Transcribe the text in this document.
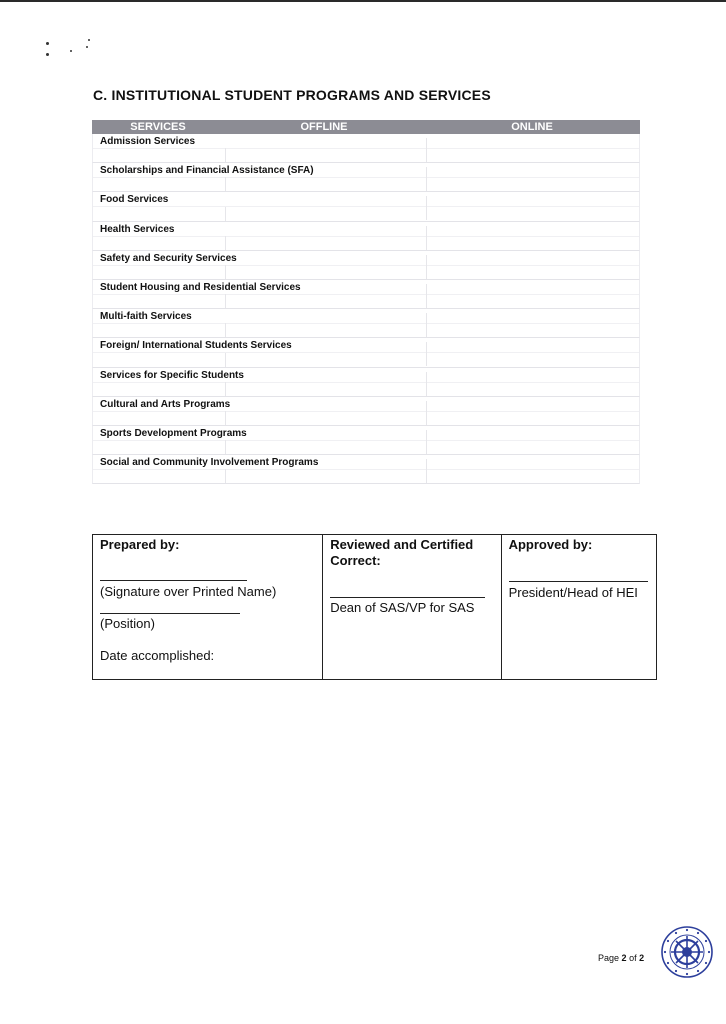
C. INSTITUTIONAL STUDENT PROGRAMS AND SERVICES
SERVICES	OFFLINE	ONLINE
Admission Services
Scholarships and Financial Assistance (SFA)
Food Services
Health Services
Safety and Security Services
Student Housing and Residential Services
Multi-faith Services
Foreign/ International Students Services
Services for Specific Students
Cultural and Arts Programs
Sports Development Programs
Social and Community Involvement Programs
Prepared by:
(Signature over Printed Name)
(Position)
Date accomplished:
Reviewed and Certified Correct:
Dean of SAS/VP for SAS
Approved by:
President/Head of HEI
Page 2 of 2
